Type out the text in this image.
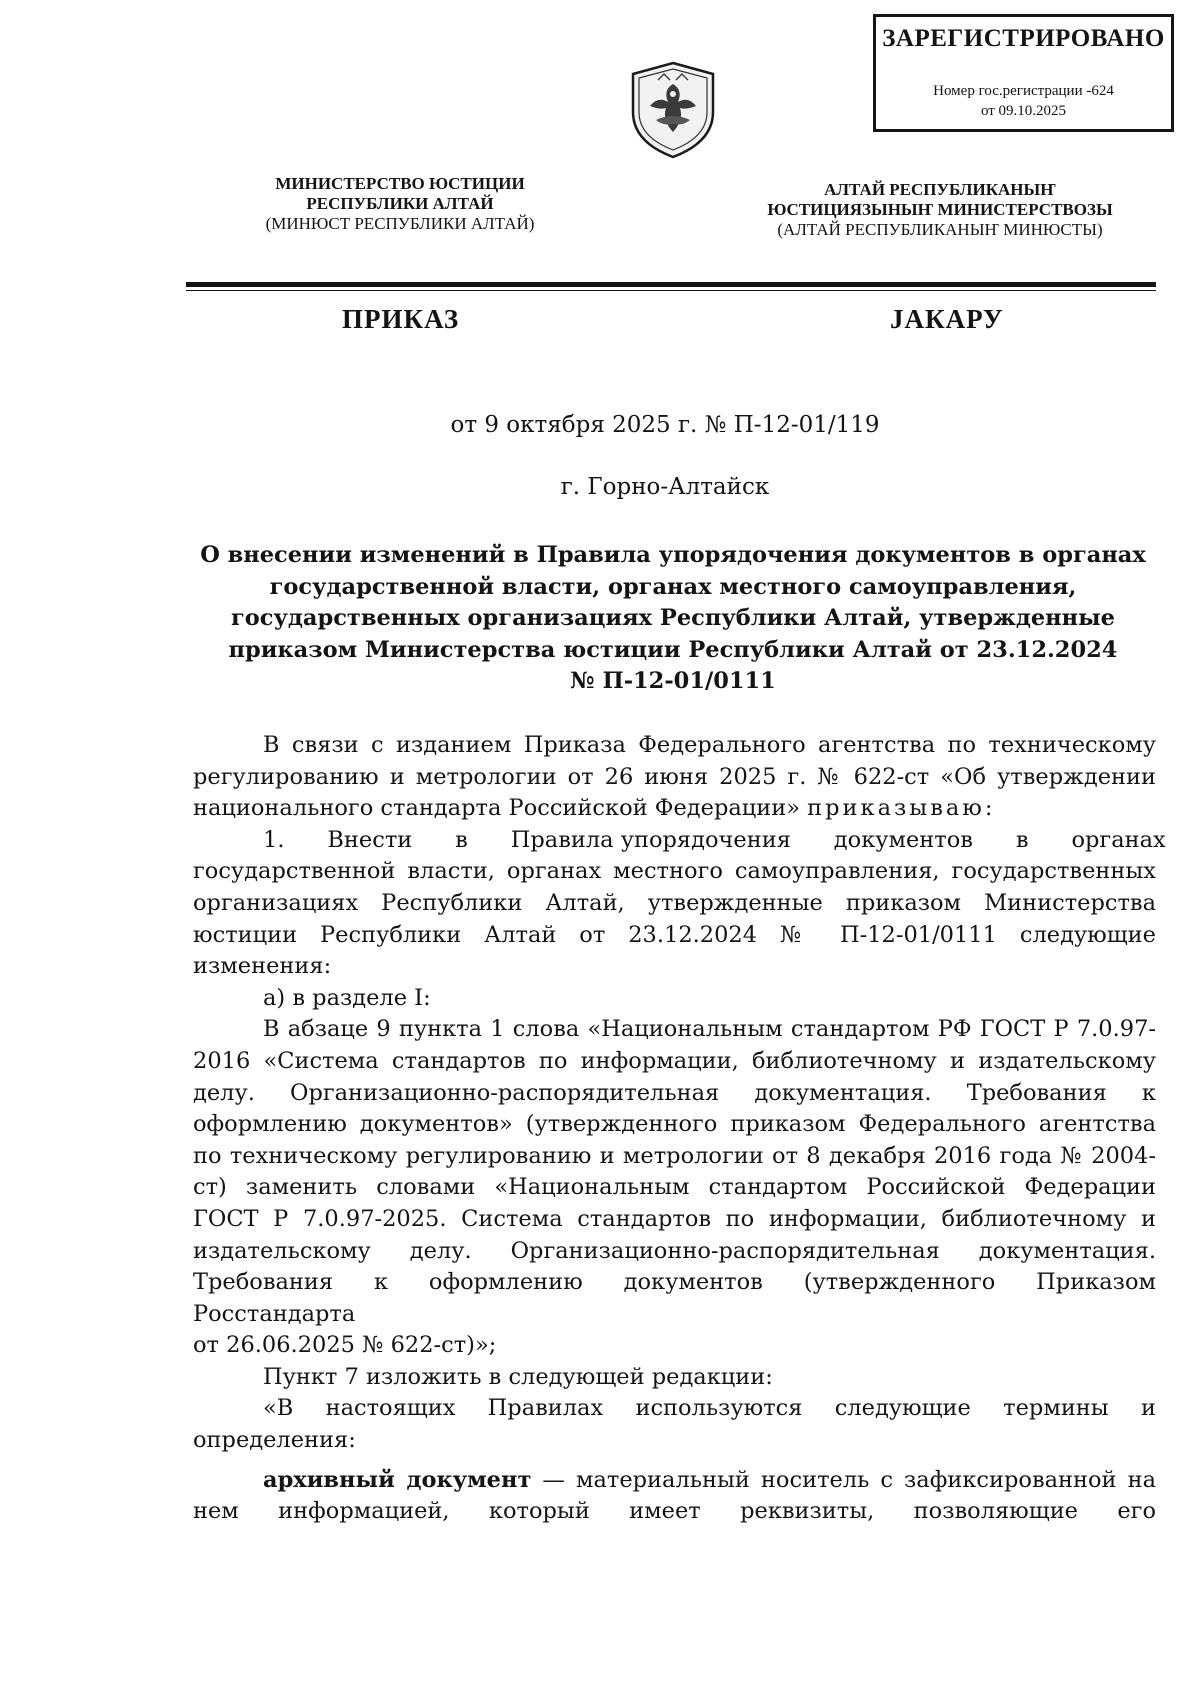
ЗАРЕГИСТРИРОВАНО
Номер гос.регистрации -624
от 09.10.2025
МИНИСТЕРСТВО ЮСТИЦИИ
РЕСПУБЛИКИ АЛТАЙ
(МИНЮСТ РЕСПУБЛИКИ АЛТАЙ)
АЛТАЙ РЕСПУБЛИКАНЫҤ
ЮСТИЦИЯЗЫНЫҤ МИНИСТЕРСТВОЗЫ
(АЛТАЙ РЕСПУБЛИКАНЫҤ МИНЮСТЫ)
ПРИКАЗ	ЈАКАРУ
от 9 октября 2025 г. № П-12-01/119
г. Горно-Алтайск
О внесении изменений в Правила упорядочения документов в органах
государственной власти, органах местного самоуправления,
государственных организациях Республики Алтай, утвержденные
приказом Министерства юстиции Республики Алтай от 23.12.2024
№ П-12-01/0111

В связи с изданием Приказа Федерального агентства по техническому

регулированию и метрологии от 26 июня 2025 г. № 622-ст «Об утверждении

национального стандарта Российской Федерации» приказываю:

1.      Внести      в      Правила упорядочения      документов      в      органах

государственной власти, органах местного самоуправления, государственных

организациях Республики Алтай, утвержденные приказом Министерства

юстиции Республики Алтай от 23.12.2024 № П-12-01/0111 следующие

изменения:

а) в разделе I:

В абзаце 9 пункта 1 слова «Национальным стандартом РФ ГОСТ Р 7.0.97-

2016 «Система стандартов по информации, библиотечному и издательскому

делу. Организационно-распорядительная документация. Требования к

оформлению документов» (утвержденного приказом Федерального агентства

по техническому регулированию и метрологии от 8 декабря 2016 года № 2004-

ст) заменить словами «Национальным стандартом Российской Федерации

ГОСТ Р 7.0.97-2025. Система стандартов по информации, библиотечному и

издательскому делу. Организационно-распорядительная документация.

Требования к оформлению документов (утвержденного Приказом Росстандарта

от 26.06.2025 № 622-ст)»;

Пункт 7 изложить в следующей редакции:

«В настоящих Правилах используются следующие термины и

определения:

архивный документ — материальный носитель с зафиксированной на

нем информацией, который имеет реквизиты, позволяющие его
